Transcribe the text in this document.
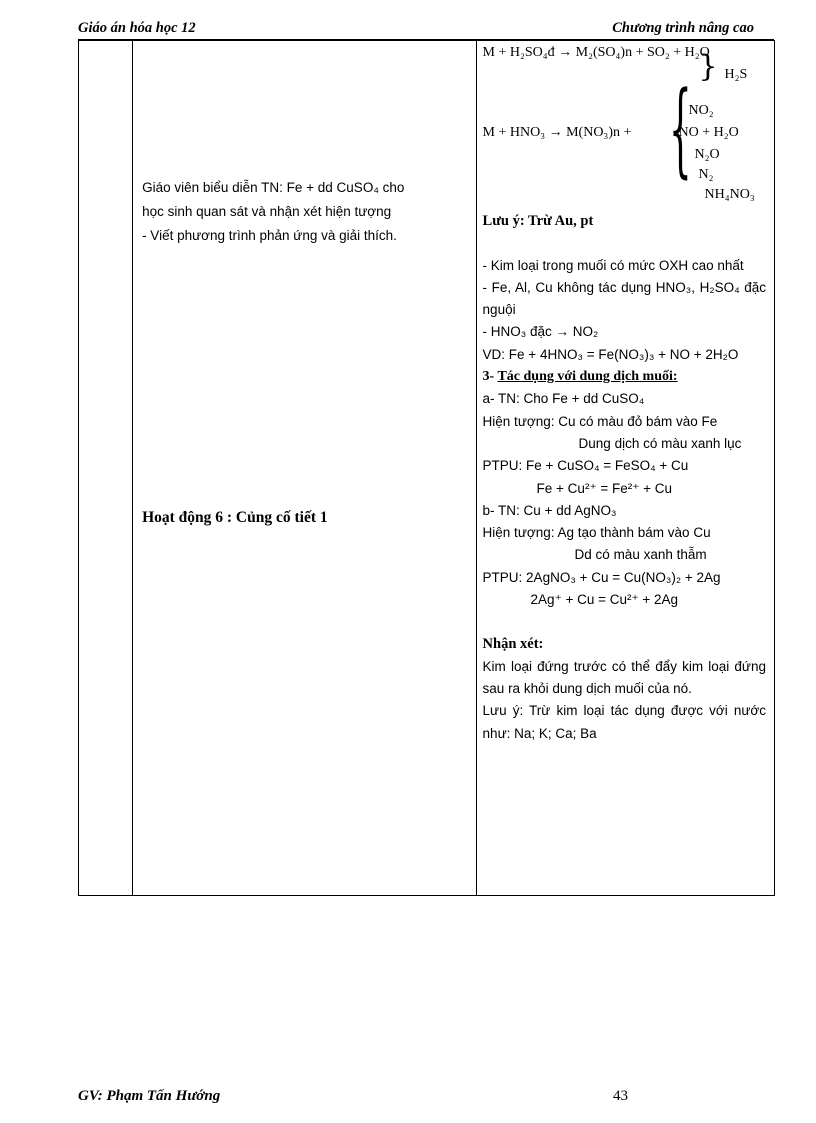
Giáo án hóa học 12	Chương trình nâng cao

Giáo viên biểu diễn TN: Fe + dd CuSO₄ cho

học sinh quan sát và nhận xét hiện tượng

- Viết phương trình phản ứng và giải thích.

Hoạt động 6 : Củng cố tiết 1

M + H₂SO₄đ → M₂(SO₄)n + SO₂ + H₂O
} H₂S
M + HNO₃ → M(NO₃)n + {
NO₂
NO + H₂O
N₂O
N₂
NH₄NO₃
Lưu ý: Trừ Au, pt
- Kim loại trong muối có mức OXH cao nhất
- Fe, Al, Cu không tác dụng HNO₃, H₂SO₄ đặc nguội
- HNO₃ đặc → NO₂
VD: Fe + 4HNO₃ = Fe(NO₃)₃ + NO + 2H₂O
3- Tác dụng với dung dịch muối:
a- TN: Cho Fe + dd CuSO₄
Hiện tượng: Cu có màu đỏ bám vào Fe
Dung dịch có màu xanh lục
PTPU: Fe + CuSO₄ = FeSO₄ + Cu
Fe + Cu²⁺ = Fe²⁺ + Cu
b- TN: Cu + dd AgNO₃
Hiện tượng: Ag tạo thành bám vào Cu
Dd có màu xanh thẫm
PTPU: 2AgNO₃ + Cu = Cu(NO₃)₂ + 2Ag
2Ag⁺ + Cu = Cu²⁺ + 2Ag
Nhận xét:
Kim loại đứng trước có thể đẩy kim loại đứng sau ra khỏi dung dịch muối của nó.
Lưu ý: Trừ kim loại tác dụng được với nước như: Na; K; Ca; Ba
GV: Phạm Tấn Hướng	43
